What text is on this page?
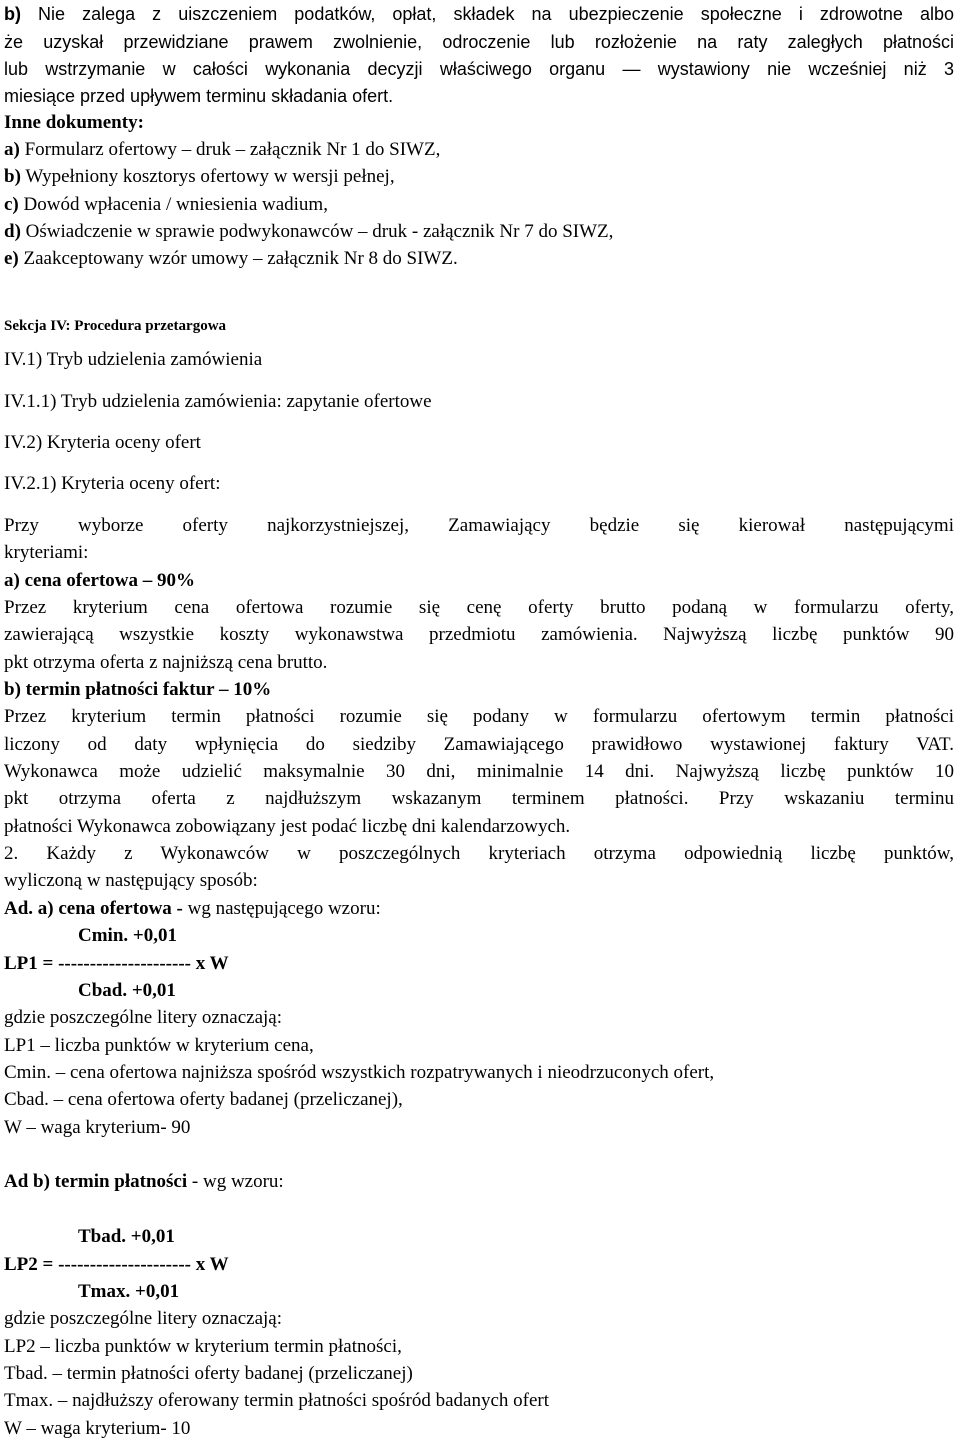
b) Nie zalega z uiszczeniem podatków, opłat, składek na ubezpieczenie społeczne i zdrowotne albo
że uzyskał przewidziane prawem zwolnienie, odroczenie lub rozłożenie na raty zaległych płatności
lub wstrzymanie w całości wykonania decyzji właściwego organu — wystawiony nie wcześniej niż 3
miesiące przed upływem terminu składania ofert.
Inne dokumenty:
a) Formularz ofertowy – druk – załącznik Nr 1 do SIWZ,
b) Wypełniony kosztorys ofertowy w wersji pełnej,
c) Dowód wpłacenia / wniesienia wadium,
d) Oświadczenie w sprawie podwykonawców – druk - załącznik Nr 7 do SIWZ,
e) Zaakceptowany wzór umowy – załącznik Nr 8 do SIWZ.
Sekcja IV: Procedura przetargowa
IV.1) Tryb udzielenia zamówienia
IV.1.1) Tryb udzielenia zamówienia: zapytanie ofertowe
IV.2) Kryteria oceny ofert
IV.2.1) Kryteria oceny ofert:
Przy wyborze oferty najkorzystniejszej, Zamawiający będzie się kierował następującymi
kryteriami:
a) cena ofertowa – 90%
Przez kryterium cena ofertowa rozumie się cenę oferty brutto podaną w formularzu oferty,
zawierającą wszystkie koszty wykonawstwa przedmiotu zamówienia. Najwyższą liczbę punktów 90
pkt otrzyma oferta z najniższą cena brutto.
b) termin płatności faktur – 10%
Przez kryterium termin płatności rozumie się podany w formularzu ofertowym termin płatności
liczony od daty wpłynięcia do siedziby Zamawiającego prawidłowo wystawionej faktury VAT.
Wykonawca może udzielić maksymalnie 30 dni, minimalnie 14 dni. Najwyższą liczbę punktów 10
pkt otrzyma oferta z najdłuższym wskazanym terminem płatności. Przy wskazaniu terminu
płatności Wykonawca zobowiązany jest podać liczbę dni kalendarzowych.
2. Każdy z Wykonawców w poszczególnych kryteriach otrzyma odpowiednią liczbę punktów,
wyliczoną w następujący sposób:
Ad. a) cena ofertowa - wg następującego wzoru:
Cmin. +0,01
LP1 = --------------------- x W
Cbad. +0,01
gdzie poszczególne litery oznaczają:
LP1 – liczba punktów w kryterium cena,
Cmin. – cena ofertowa najniższa spośród wszystkich rozpatrywanych i nieodrzuconych ofert,
Cbad. – cena ofertowa oferty badanej (przeliczanej),
W – waga kryterium- 90
Ad b) termin płatności - wg wzoru:
Tbad. +0,01
LP2 = --------------------- x W
Tmax. +0,01
gdzie poszczególne litery oznaczają:
LP2 – liczba punktów w kryterium termin płatności,
Tbad. – termin płatności oferty badanej (przeliczanej)
Tmax. – najdłuższy oferowany termin płatności spośród badanych ofert
W – waga kryterium- 10
